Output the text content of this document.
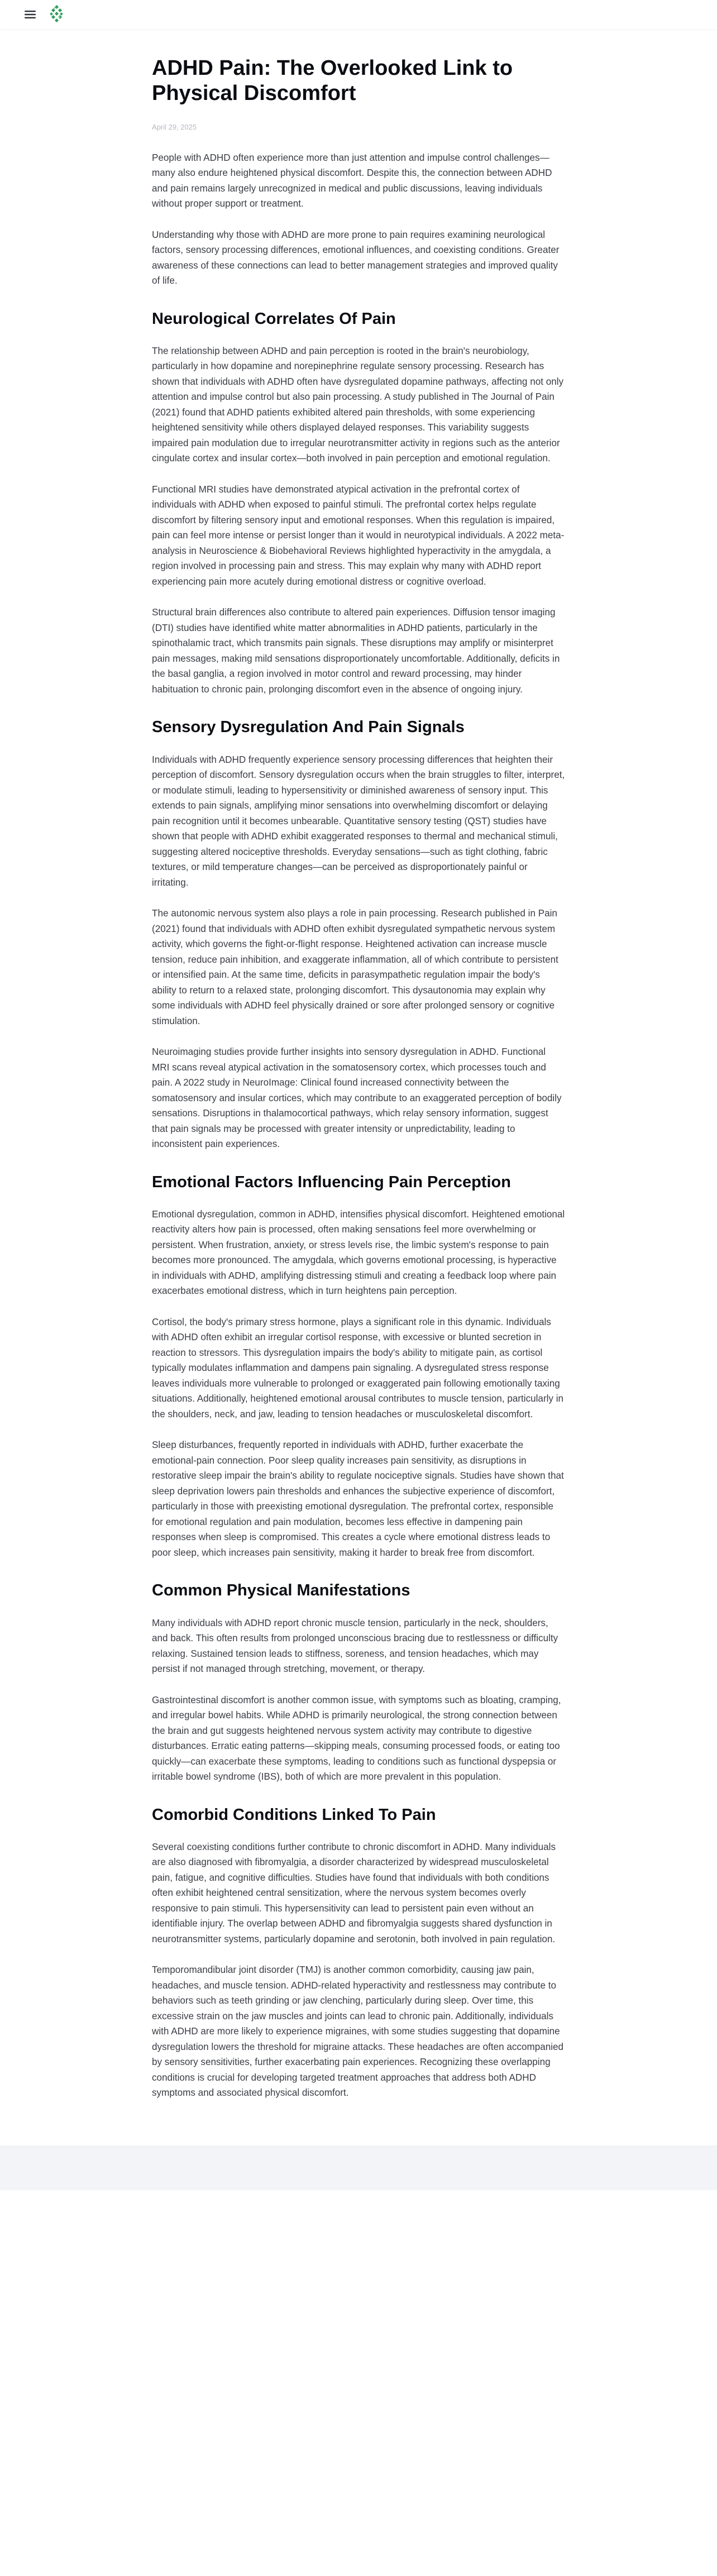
ADHD Pain: The Overlooked Link to Physical Discomfort
April 29, 2025

People with ADHD often experience more than just attention and impulse control challenges—many also endure heightened physical discomfort. Despite this, the connection between ADHD and pain remains largely unrecognized in medical and public discussions, leaving individuals without proper support or treatment.

Understanding why those with ADHD are more prone to pain requires examining neurological factors, sensory processing differences, emotional influences, and coexisting conditions. Greater awareness of these connections can lead to better management strategies and improved quality of life.

Neurological Correlates Of Pain

The relationship between ADHD and pain perception is rooted in the brain's neurobiology, particularly in how dopamine and norepinephrine regulate sensory processing. Research has shown that individuals with ADHD often have dysregulated dopamine pathways, affecting not only attention and impulse control but also pain processing. A study published in The Journal of Pain (2021) found that ADHD patients exhibited altered pain thresholds, with some experiencing heightened sensitivity while others displayed delayed responses. This variability suggests impaired pain modulation due to irregular neurotransmitter activity in regions such as the anterior cingulate cortex and insular cortex—both involved in pain perception and emotional regulation.

Functional MRI studies have demonstrated atypical activation in the prefrontal cortex of individuals with ADHD when exposed to painful stimuli. The prefrontal cortex helps regulate discomfort by filtering sensory input and emotional responses. When this regulation is impaired, pain can feel more intense or persist longer than it would in neurotypical individuals. A 2022 meta-analysis in Neuroscience & Biobehavioral Reviews highlighted hyperactivity in the amygdala, a region involved in processing pain and stress. This may explain why many with ADHD report experiencing pain more acutely during emotional distress or cognitive overload.

Structural brain differences also contribute to altered pain experiences. Diffusion tensor imaging (DTI) studies have identified white matter abnormalities in ADHD patients, particularly in the spinothalamic tract, which transmits pain signals. These disruptions may amplify or misinterpret pain messages, making mild sensations disproportionately uncomfortable. Additionally, deficits in the basal ganglia, a region involved in motor control and reward processing, may hinder habituation to chronic pain, prolonging discomfort even in the absence of ongoing injury.

Sensory Dysregulation And Pain Signals

Individuals with ADHD frequently experience sensory processing differences that heighten their perception of discomfort. Sensory dysregulation occurs when the brain struggles to filter, interpret, or modulate stimuli, leading to hypersensitivity or diminished awareness of sensory input. This extends to pain signals, amplifying minor sensations into overwhelming discomfort or delaying pain recognition until it becomes unbearable. Quantitative sensory testing (QST) studies have shown that people with ADHD exhibit exaggerated responses to thermal and mechanical stimuli, suggesting altered nociceptive thresholds. Everyday sensations—such as tight clothing, fabric textures, or mild temperature changes—can be perceived as disproportionately painful or irritating.

The autonomic nervous system also plays a role in pain processing. Research published in Pain (2021) found that individuals with ADHD often exhibit dysregulated sympathetic nervous system activity, which governs the fight-or-flight response. Heightened activation can increase muscle tension, reduce pain inhibition, and exaggerate inflammation, all of which contribute to persistent or intensified pain. At the same time, deficits in parasympathetic regulation impair the body's ability to return to a relaxed state, prolonging discomfort. This dysautonomia may explain why some individuals with ADHD feel physically drained or sore after prolonged sensory or cognitive stimulation.

Neuroimaging studies provide further insights into sensory dysregulation in ADHD. Functional MRI scans reveal atypical activation in the somatosensory cortex, which processes touch and pain. A 2022 study in NeuroImage: Clinical found increased connectivity between the somatosensory and insular cortices, which may contribute to an exaggerated perception of bodily sensations. Disruptions in thalamocortical pathways, which relay sensory information, suggest that pain signals may be processed with greater intensity or unpredictability, leading to inconsistent pain experiences.

Emotional Factors Influencing Pain Perception

Emotional dysregulation, common in ADHD, intensifies physical discomfort. Heightened emotional reactivity alters how pain is processed, often making sensations feel more overwhelming or persistent. When frustration, anxiety, or stress levels rise, the limbic system's response to pain becomes more pronounced. The amygdala, which governs emotional processing, is hyperactive in individuals with ADHD, amplifying distressing stimuli and creating a feedback loop where pain exacerbates emotional distress, which in turn heightens pain perception.

Cortisol, the body's primary stress hormone, plays a significant role in this dynamic. Individuals with ADHD often exhibit an irregular cortisol response, with excessive or blunted secretion in reaction to stressors. This dysregulation impairs the body's ability to mitigate pain, as cortisol typically modulates inflammation and dampens pain signaling. A dysregulated stress response leaves individuals more vulnerable to prolonged or exaggerated pain following emotionally taxing situations. Additionally, heightened emotional arousal contributes to muscle tension, particularly in the shoulders, neck, and jaw, leading to tension headaches or musculoskeletal discomfort.

Sleep disturbances, frequently reported in individuals with ADHD, further exacerbate the emotional-pain connection. Poor sleep quality increases pain sensitivity, as disruptions in restorative sleep impair the brain's ability to regulate nociceptive signals. Studies have shown that sleep deprivation lowers pain thresholds and enhances the subjective experience of discomfort, particularly in those with preexisting emotional dysregulation. The prefrontal cortex, responsible for emotional regulation and pain modulation, becomes less effective in dampening pain responses when sleep is compromised. This creates a cycle where emotional distress leads to poor sleep, which increases pain sensitivity, making it harder to break free from discomfort.

Common Physical Manifestations

Many individuals with ADHD report chronic muscle tension, particularly in the neck, shoulders, and back. This often results from prolonged unconscious bracing due to restlessness or difficulty relaxing. Sustained tension leads to stiffness, soreness, and tension headaches, which may persist if not managed through stretching, movement, or therapy.

Gastrointestinal discomfort is another common issue, with symptoms such as bloating, cramping, and irregular bowel habits. While ADHD is primarily neurological, the strong connection between the brain and gut suggests heightened nervous system activity may contribute to digestive disturbances. Erratic eating patterns—skipping meals, consuming processed foods, or eating too quickly—can exacerbate these symptoms, leading to conditions such as functional dyspepsia or irritable bowel syndrome (IBS), both of which are more prevalent in this population.

Comorbid Conditions Linked To Pain

Several coexisting conditions further contribute to chronic discomfort in ADHD. Many individuals are also diagnosed with fibromyalgia, a disorder characterized by widespread musculoskeletal pain, fatigue, and cognitive difficulties. Studies have found that individuals with both conditions often exhibit heightened central sensitization, where the nervous system becomes overly responsive to pain stimuli. This hypersensitivity can lead to persistent pain even without an identifiable injury. The overlap between ADHD and fibromyalgia suggests shared dysfunction in neurotransmitter systems, particularly dopamine and serotonin, both involved in pain regulation.

Temporomandibular joint disorder (TMJ) is another common comorbidity, causing jaw pain, headaches, and muscle tension. ADHD-related hyperactivity and restlessness may contribute to behaviors such as teeth grinding or jaw clenching, particularly during sleep. Over time, this excessive strain on the jaw muscles and joints can lead to chronic pain. Additionally, individuals with ADHD are more likely to experience migraines, with some studies suggesting that dopamine dysregulation lowers the threshold for migraine attacks. These headaches are often accompanied by sensory sensitivities, further exacerbating pain experiences. Recognizing these overlapping conditions is crucial for developing targeted treatment approaches that address both ADHD symptoms and associated physical discomfort.
